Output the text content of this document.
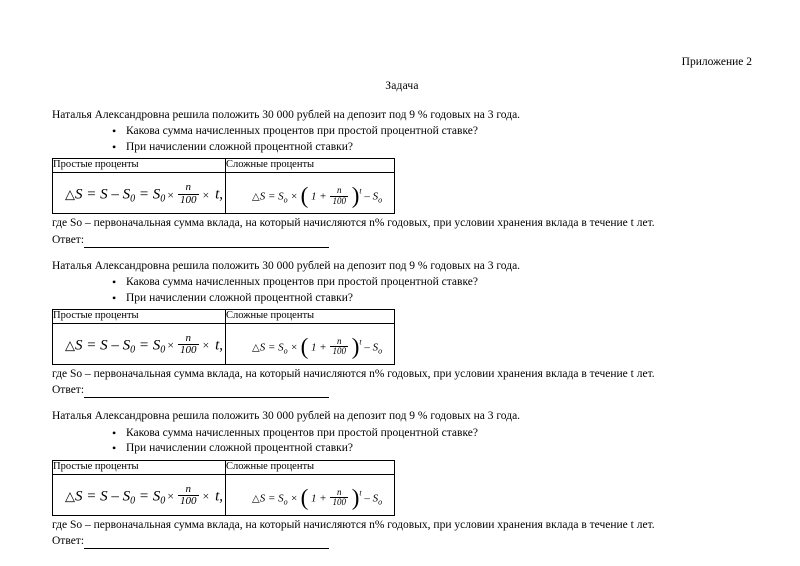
Приложение 2
Задача

Наталья Александровна решила положить 30 000 рублей на депозит под 9 % годовых на 3 года.

• Какова сумма начисленных процентов при простой процентной ставке?
• При начислении сложной процентной ставки?
Простые проценты	Сложные проценты

△S = $S - S_0 = S_0 \times \frac{n}{100} \times t$,	△S = $S_o$ × ( $1 + \frac{n}{100} )^t - S_o$

где So – первоначальная сумма вклада, на который начисляются n% годовых, при условии хранения вклада в течение t лет.

Ответ:

Наталья Александровна решила положить 30 000 рублей на депозит под 9 % годовых на 3 года.

• Какова сумма начисленных процентов при простой процентной ставке?
• При начислении сложной процентной ставки?
Простые проценты	Сложные проценты

△S = $S - S_0 = S_0 \times \frac{n}{100} \times t$,	△S = $S_o$ × ( $1 + \frac{n}{100} )^t - S_o$

где So – первоначальная сумма вклада, на который начисляются n% годовых, при условии хранения вклада в течение t лет.

Ответ:

Наталья Александровна решила положить 30 000 рублей на депозит под 9 % годовых на 3 года.

• Какова сумма начисленных процентов при простой процентной ставке?
• При начислении сложной процентной ставки?
Простые проценты	Сложные проценты

△S = $S - S_0 = S_0 \times \frac{n}{100} \times t$,	△S = $S_o$ × ( $1 + \frac{n}{100} )^t - S_o$

где So – первоначальная сумма вклада, на который начисляются n% годовых, при условии хранения вклада в течение t лет.

Ответ:
